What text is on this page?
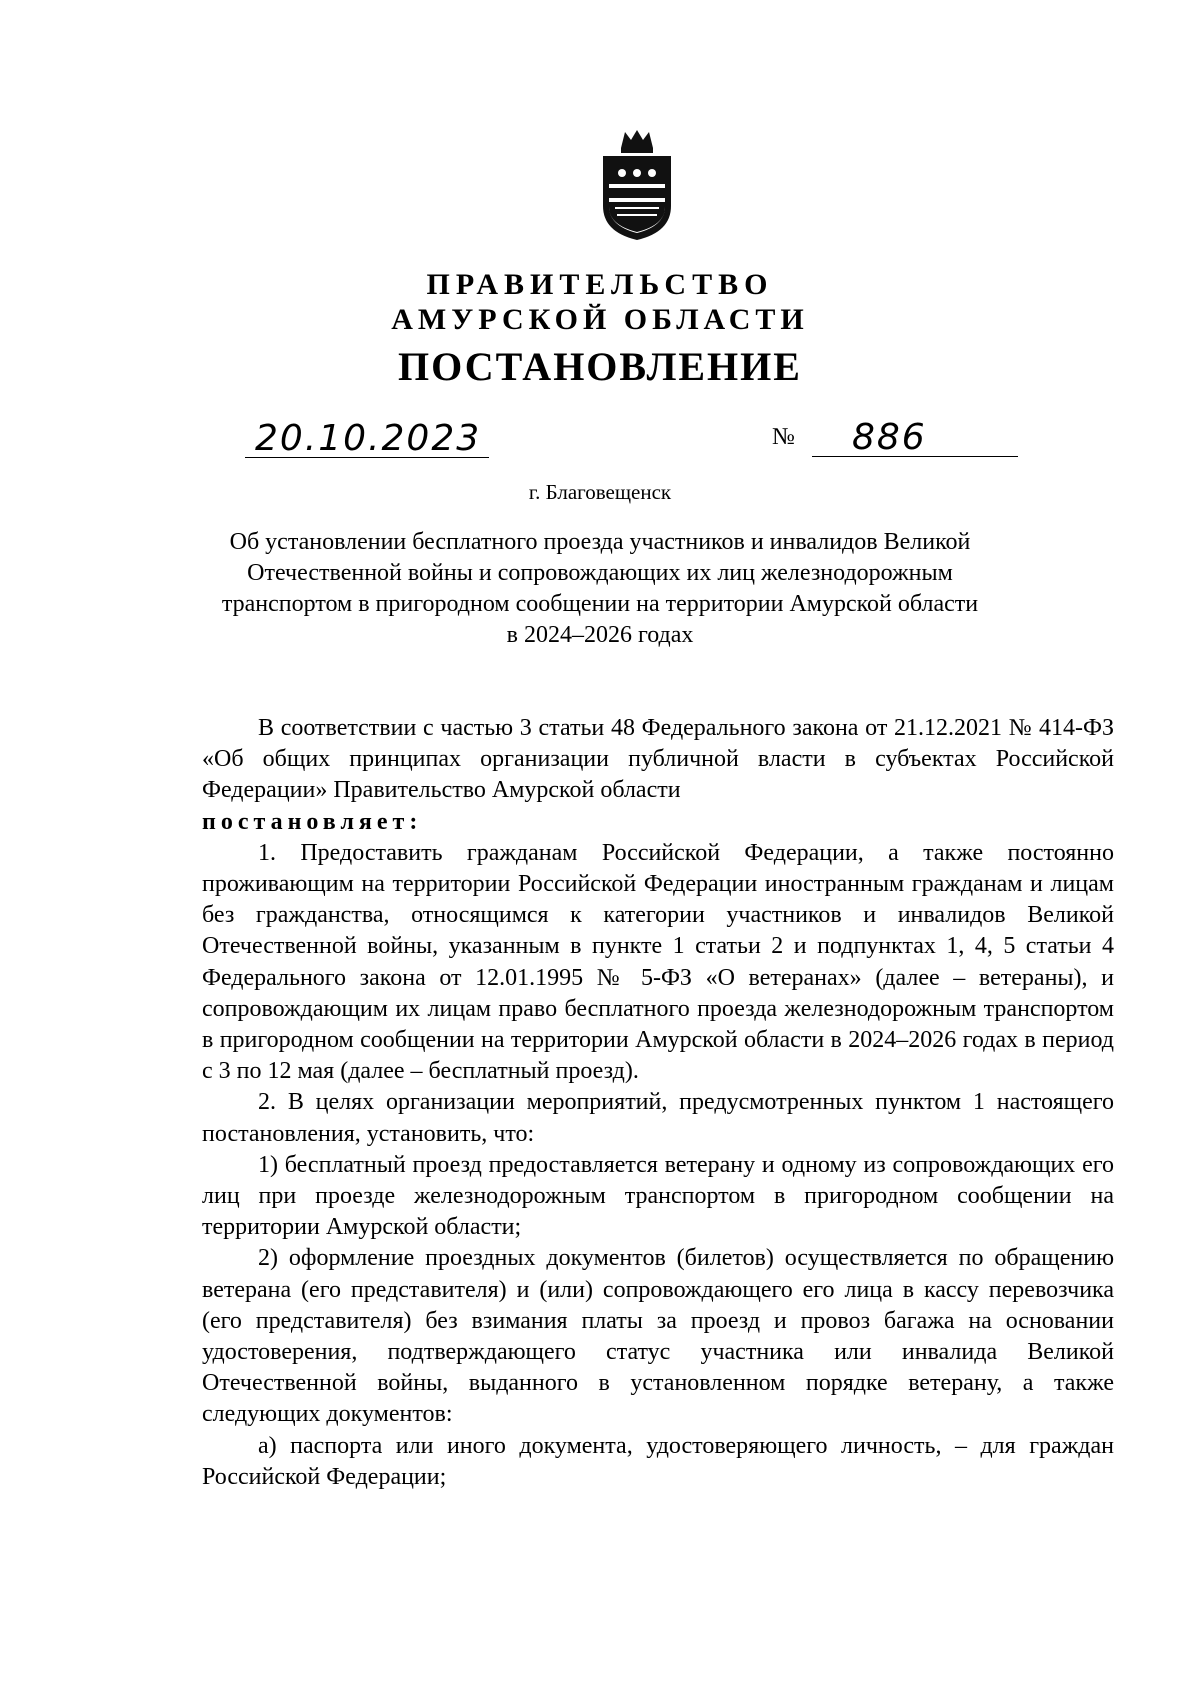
ПРАВИТЕЛЬСТВО
АМУРСКОЙ ОБЛАСТИ
ПОСТАНОВЛЕНИЕ
20.10.2023	№ 886
г. Благовещенск
Об установлении бесплатного проезда участников и инвалидов Великой
Отечественной войны и сопровождающих их лиц железнодорожным
транспортом в пригородном сообщении на территории Амурской области
в 2024–2026 годах

В соответствии с частью 3 статьи 48 Федерального закона от 21.12.2021 № 414-ФЗ «Об общих принципах организации публичной власти в субъектах Российской Федерации» Правительство Амурской области

постановляет:

1. Предоставить гражданам Российской Федерации, а также постоянно проживающим на территории Российской Федерации иностранным гражданам и лицам без гражданства, относящимся к категории участников и инвалидов Великой Отечественной войны, указанным в пункте 1 статьи 2 и подпунктах 1, 4, 5 статьи 4 Федерального закона от 12.01.1995 № 5-ФЗ «О ветеранах» (далее – ветераны), и сопровождающим их лицам право бесплатного проезда железнодорожным транспортом в пригородном сообщении на территории Амурской области в 2024–2026 годах в период с 3 по 12 мая (далее – бесплатный проезд).

2. В целях организации мероприятий, предусмотренных пунктом 1 настоящего постановления, установить, что:

1) бесплатный проезд предоставляется ветерану и одному из сопровождающих его лиц при проезде железнодорожным транспортом в пригородном сообщении на территории Амурской области;

2) оформление проездных документов (билетов) осуществляется по обращению ветерана (его представителя) и (или) сопровождающего его лица в кассу перевозчика (его представителя) без взимания платы за проезд и провоз багажа на основании удостоверения, подтверждающего статус участника или инвалида Великой Отечественной войны, выданного в установленном порядке ветерану, а также следующих документов:

а) паспорта или иного документа, удостоверяющего личность, – для граждан Российской Федерации;
